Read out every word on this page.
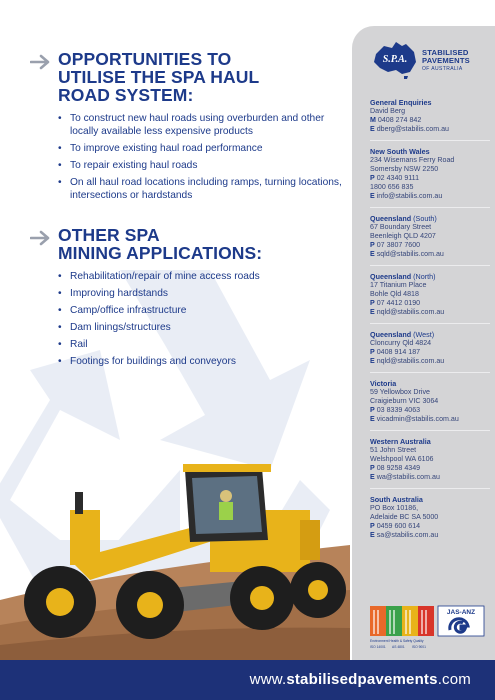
OPPORTUNITIES TO
UTILISE THE SPA HAUL
ROAD SYSTEM:
• To construct new haul roads using overburden and other locally available less expensive products
• To improve existing haul road performance
• To repair existing haul roads
• On all haul road locations including ramps, turning locations, intersections or hardstands
OTHER SPA
MINING APPLICATIONS:
• Rehabilitation/repair of mine access roads
• Improving hardstands
• Camp/office infrastructure
• Dam linings/structures
• Rail
• Footings for buildings and conveyors
S.P.A.
STABILISED
PAVEMENTS
OF AUSTRALIA
General Enquiries
David Berg
M 0408 274 842
E dberg@stabilis.com.au
New South Wales
234 Wisemans Ferry Road
Somersby NSW 2250
P 02 4340 9111
1800 656 835
E info@stabilis.com.au
Queensland (South)
67 Boundary Street
Beenleigh QLD 4207
P 07 3807 7600
E sqld@stabilis.com.au
Queensland (North)
17 Titanium Place
Bohle Qld 4818
P 07 4412 0190
E nqld@stabilis.com.au
Queensland (West)
Cloncurry Qld 4824
P 0408 914 187
E nqld@stabilis.com.au
Victoria
59 Yellowbox Drive
Craigieburn VIC 3064
P 03 8339 4063
E vicadmin@stabilis.com.au
Western Australia
51 John Street
Welshpool WA 6106
P 08 9258 4349
E wa@stabilis.com.au
South Australia
PO Box 10186,
Adelaide BC SA 5000
P 0459 600 614
E sa@stabilis.com.au
JAS-ANZ
Environment Health & Safety Quality
ISO 14001 AS 4801 ISO 9001
www.stabilisedpavements.com
